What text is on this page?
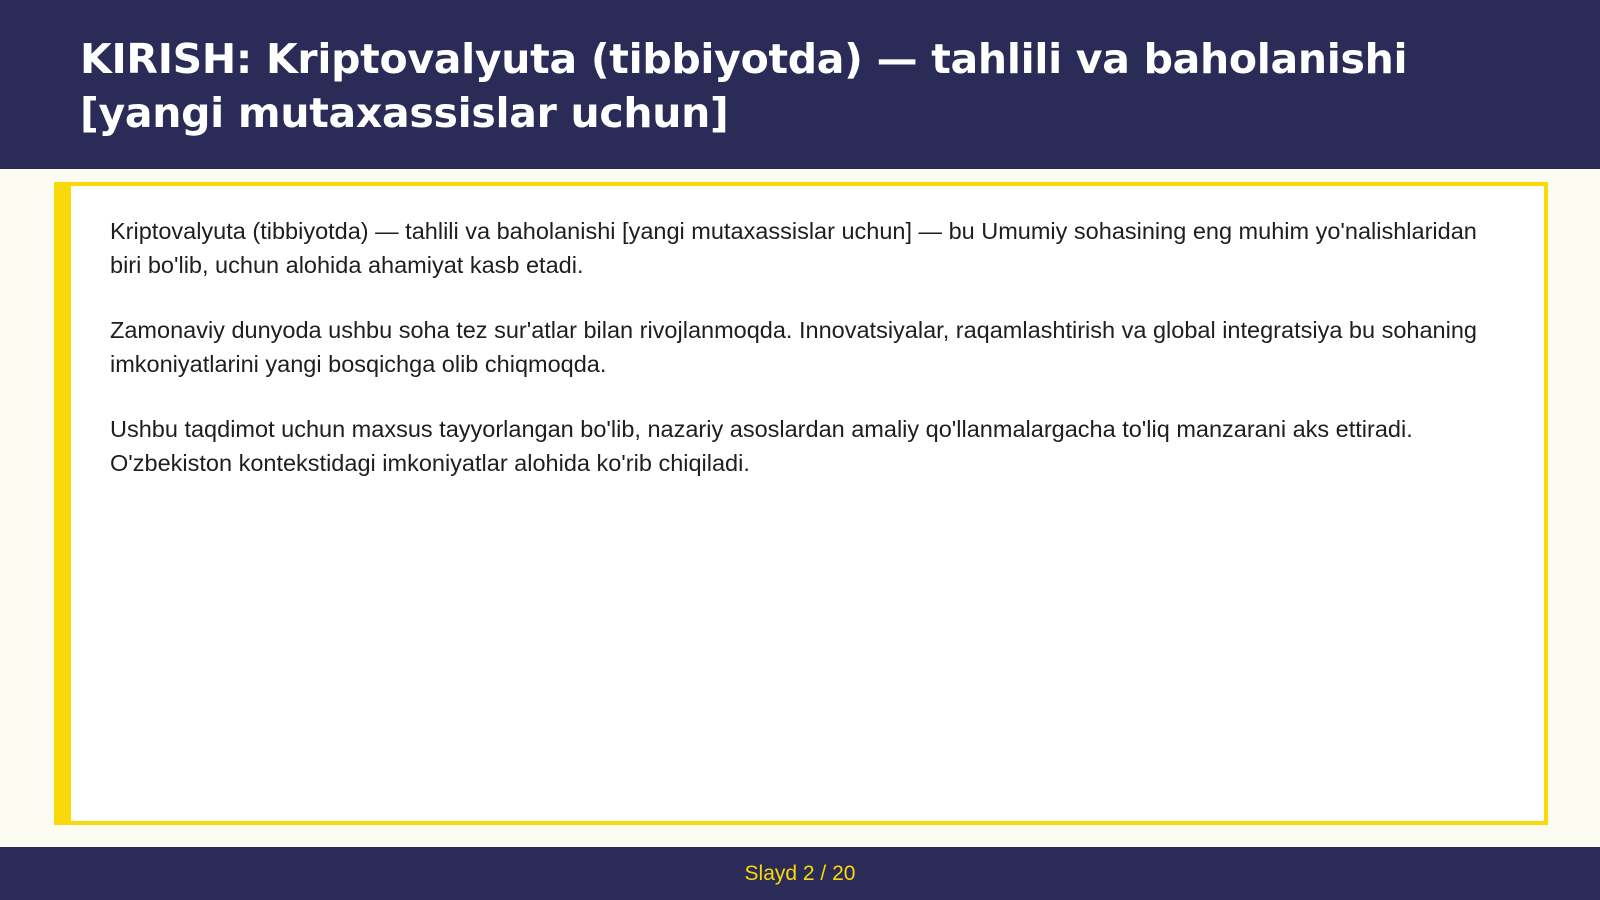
KIRISH: Kriptovalyuta (tibbiyotda) — tahlili va baholanishi [yangi mutaxassislar uchun]

Kriptovalyuta (tibbiyotda) — tahlili va baholanishi [yangi mutaxassislar uchun] — bu Umumiy sohasining eng muhim yo'nalishlaridan biri bo'lib, uchun alohida ahamiyat kasb etadi.

Zamonaviy dunyoda ushbu soha tez sur'atlar bilan rivojlanmoqda. Innovatsiyalar, raqamlashtirish va global integratsiya bu sohaning imkoniyatlarini yangi bosqichga olib chiqmoqda.

Ushbu taqdimot uchun maxsus tayyorlangan bo'lib, nazariy asoslardan amaliy qo'llanmalargacha to'liq manzarani aks ettiradi. O'zbekiston kontekstidagi imkoniyatlar alohida ko'rib chiqiladi.

Slayd 2 / 20
